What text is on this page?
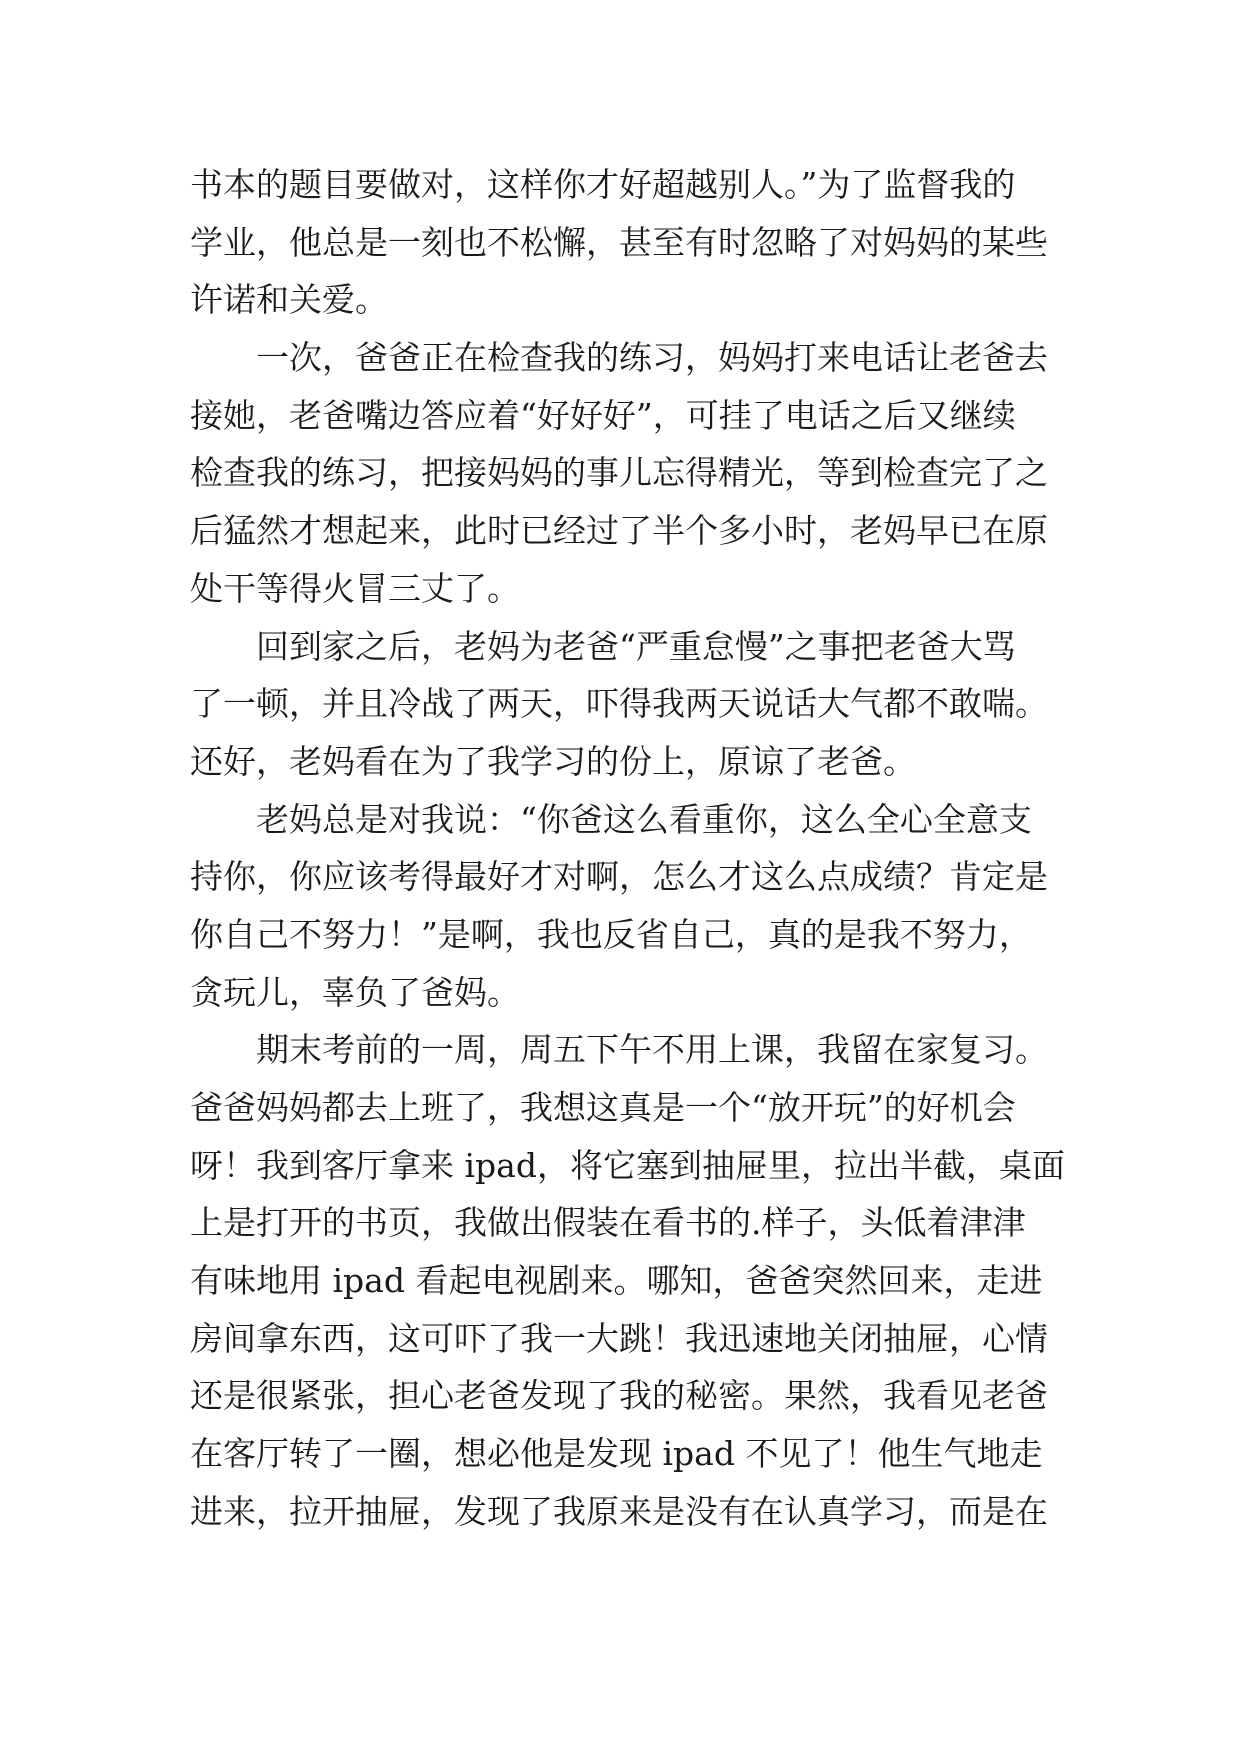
书本的题目要做对，这样你才好超越别人。”为了监督我的
学业，他总是一刻也不松懈，甚至有时忽略了对妈妈的某些
许诺和关爱。
一次，爸爸正在检查我的练习，妈妈打来电话让老爸去
接她，老爸嘴边答应着“好好好”，可挂了电话之后又继续
检查我的练习，把接妈妈的事儿忘得精光，等到检查完了之
后猛然才想起来，此时已经过了半个多小时，老妈早已在原
处干等得火冒三丈了。
回到家之后，老妈为老爸“严重怠慢”之事把老爸大骂
了一顿，并且冷战了两天，吓得我两天说话大气都不敢喘。
还好，老妈看在为了我学习的份上，原谅了老爸。
老妈总是对我说：“你爸这么看重你，这么全心全意支
持你，你应该考得最好才对啊，怎么才这么点成绩？肯定是
你自己不努力！”是啊，我也反省自己，真的是我不努力，
贪玩儿，辜负了爸妈。
期末考前的一周，周五下午不用上课，我留在家复习。
爸爸妈妈都去上班了，我想这真是一个“放开玩”的好机会
呀！我到客厅拿来 ipad，将它塞到抽屉里，拉出半截，桌面
上是打开的书页，我做出假装在看书的.样子，头低着津津
有味地用 ipad 看起电视剧来。哪知，爸爸突然回来，走进
房间拿东西，这可吓了我一大跳！我迅速地关闭抽屉，心情
还是很紧张，担心老爸发现了我的秘密。果然，我看见老爸
在客厅转了一圈，想必他是发现 ipad 不见了！他生气地走
进来，拉开抽屉，发现了我原来是没有在认真学习，而是在
